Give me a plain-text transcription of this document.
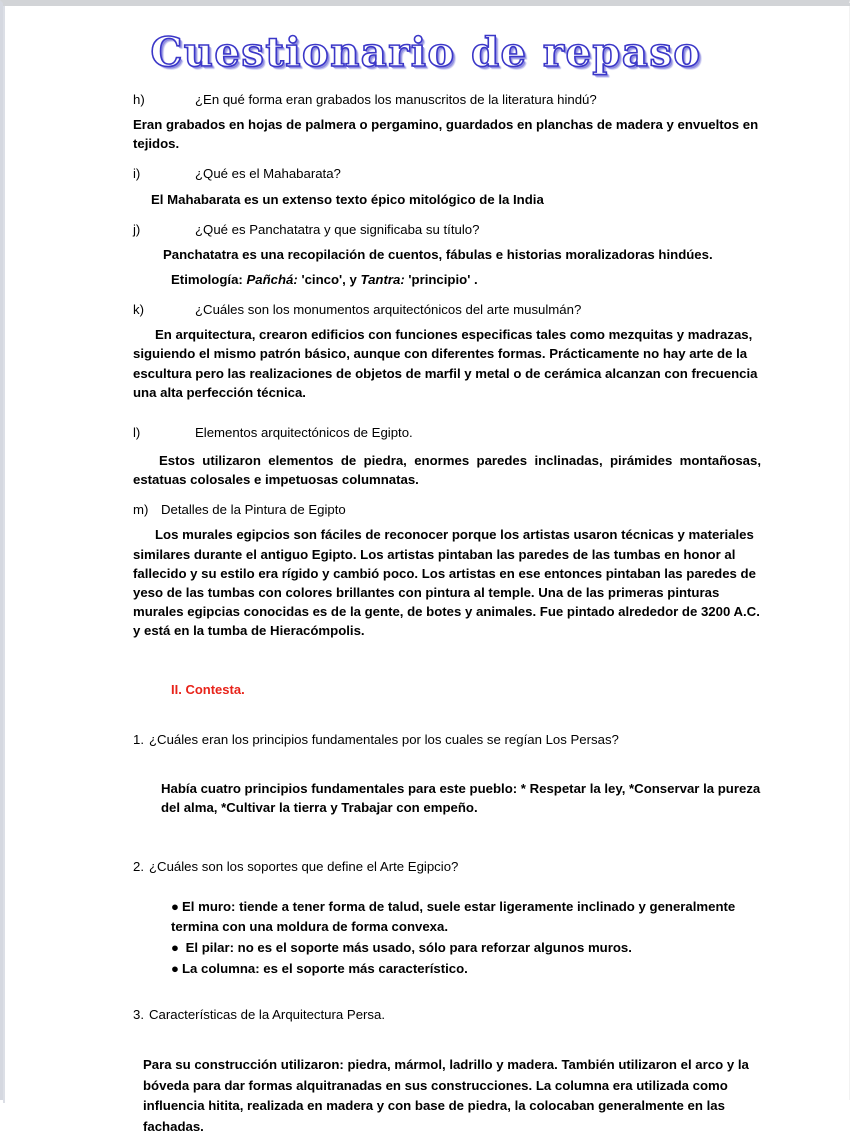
Cuestionario de repaso

h)	¿En qué forma eran grabados los manuscritos de la literatura hindú?

Eran grabados en hojas de palmera o pergamino, guardados en planchas de madera y envueltos en tejidos.

i)	¿Qué es el Mahabarata?

El Mahabarata es un extenso texto épico mitológico de la India

j)	¿Qué es Panchatatra y que significaba su título?

Panchatatra es una recopilación de cuentos, fábulas e historias moralizadoras hindúes.

Etimología: Pañchá: 'cinco', y Tantra: 'principio' .

k)	¿Cuáles son los monumentos arquitectónicos del arte musulmán?

En arquitectura, crearon edificios con funciones especificas tales como mezquitas y madrazas, siguiendo el mismo patrón básico, aunque con diferentes formas. Prácticamente no hay arte de la escultura pero las realizaciones de objetos de marfil y metal o de cerámica alcanzan con frecuencia una alta perfección técnica.

l)	Elementos arquitectónicos de Egipto.

Estos utilizaron elementos de piedra, enormes paredes inclinadas, pirámides montañosas, estatuas colosales e impetuosas columnatas.

m) Detalles de la Pintura de Egipto

Los murales egipcios son fáciles de reconocer porque los artistas usaron técnicas y materiales similares durante el antiguo Egipto. Los artistas pintaban las paredes de las tumbas en honor al fallecido y su estilo era rígido y cambió poco. Los artistas en ese entonces pintaban las paredes de yeso de las tumbas con colores brillantes con pintura al temple. Una de las primeras pinturas murales egipcias conocidas es de la gente, de botes y animales. Fue pintado alrededor de 3200 A.C. y está en la tumba de Hieracómpolis.

II. Contesta.

1. ¿Cuáles eran los principios fundamentales por los cuales se regían Los Persas?

Había cuatro principios fundamentales para este pueblo: * Respetar la ley, *Conservar la pureza del alma, *Cultivar la tierra y Trabajar con empeño.

2. ¿Cuáles son los soportes que define el Arte Egipcio?

● El muro: tiende a tener forma de talud, suele estar ligeramente inclinado y generalmente termina con una moldura de forma convexa.

● El pilar: no es el soporte más usado, sólo para reforzar algunos muros.

● La columna: es el soporte más característico.

3. Características de la Arquitectura Persa.

Para su construcción utilizaron: piedra, mármol, ladrillo y madera. También utilizaron el arco y la bóveda para dar formas alquitranadas en sus construcciones. La columna era utilizada como influencia hitita, realizada en madera y con base de piedra, la colocaban generalmente en las fachadas.
